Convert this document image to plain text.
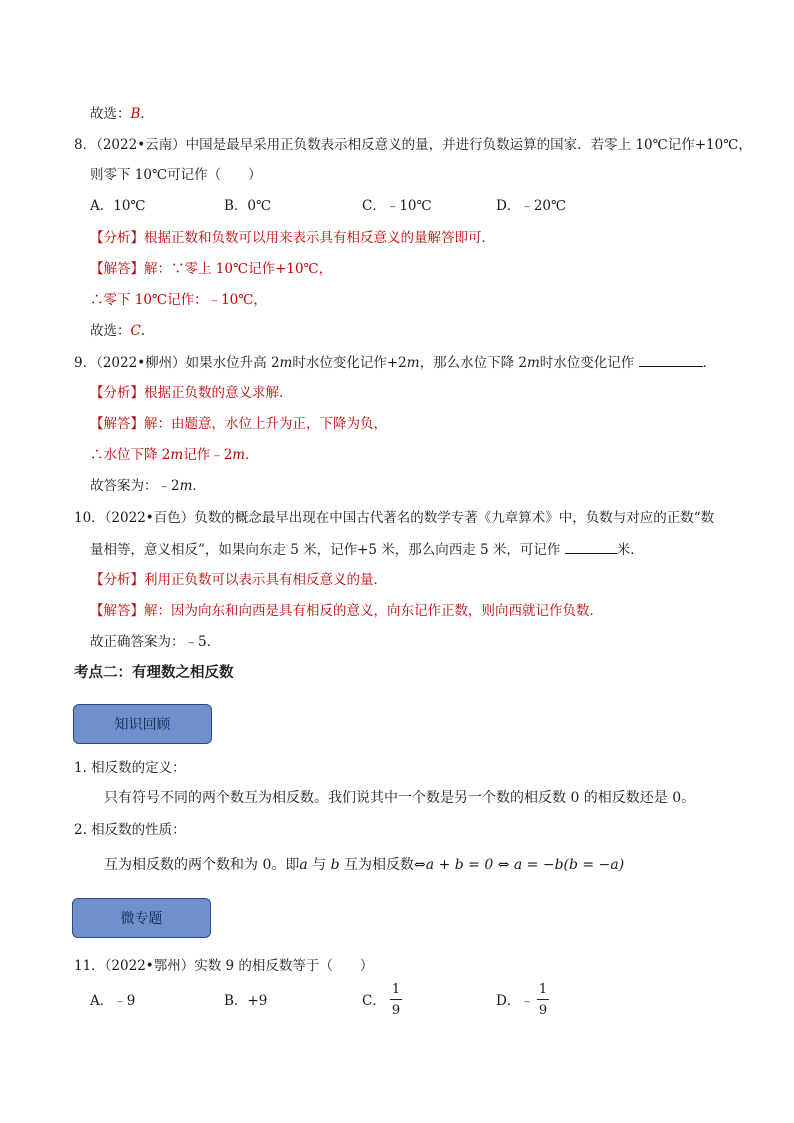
故选：B．
8．（2022•云南）中国是最早采用正负数表示相反意义的量，并进行负数运算的国家．若零上 10℃记作+10℃，
则零下 10℃可记作（　　）
A．10℃	B．0℃	C．﹣10℃	D．﹣20℃
【分析】根据正数和负数可以用来表示具有相反意义的量解答即可．
【解答】解：∵零上 10℃记作+10℃，
∴零下 10℃记作：﹣10℃，
故选：C．
9．（2022•柳州）如果水位升高 2m时水位变化记作+2m，那么水位下降 2m时水位变化记作	．
【分析】根据正负数的意义求解．
【解答】解：由题意，水位上升为正，下降为负，
∴水位下降 2m记作﹣2m．
故答案为：﹣2m．
10．（2022•百色）负数的概念最早出现在中国古代著名的数学专著《九章算术》中，负数与对应的正数“数
量相等，意义相反”，如果向东走 5 米，记作+5 米，那么向西走 5 米，可记作	米．
【分析】利用正负数可以表示具有相反意义的量．
【解答】解：因为向东和向西是具有相反的意义，向东记作正数，则向西就记作负数．
故正确答案为：﹣5．
考点二：有理数之相反数
知识回顾
1. 相反数的定义：
只有符号不同的两个数互为相反数。我们说其中一个数是另一个数的相反数 0 的相反数还是 0。
2. 相反数的性质：
互为相反数的两个数和为 0。即a 与 b 互为相反数⇔a + b = 0 ⇔ a = −b(b = −a)
微专题
11．（2022•鄂州）实数 9 的相反数等于（　　）
A．﹣9	B．+9	C．
1
9
D．﹣
1
9
